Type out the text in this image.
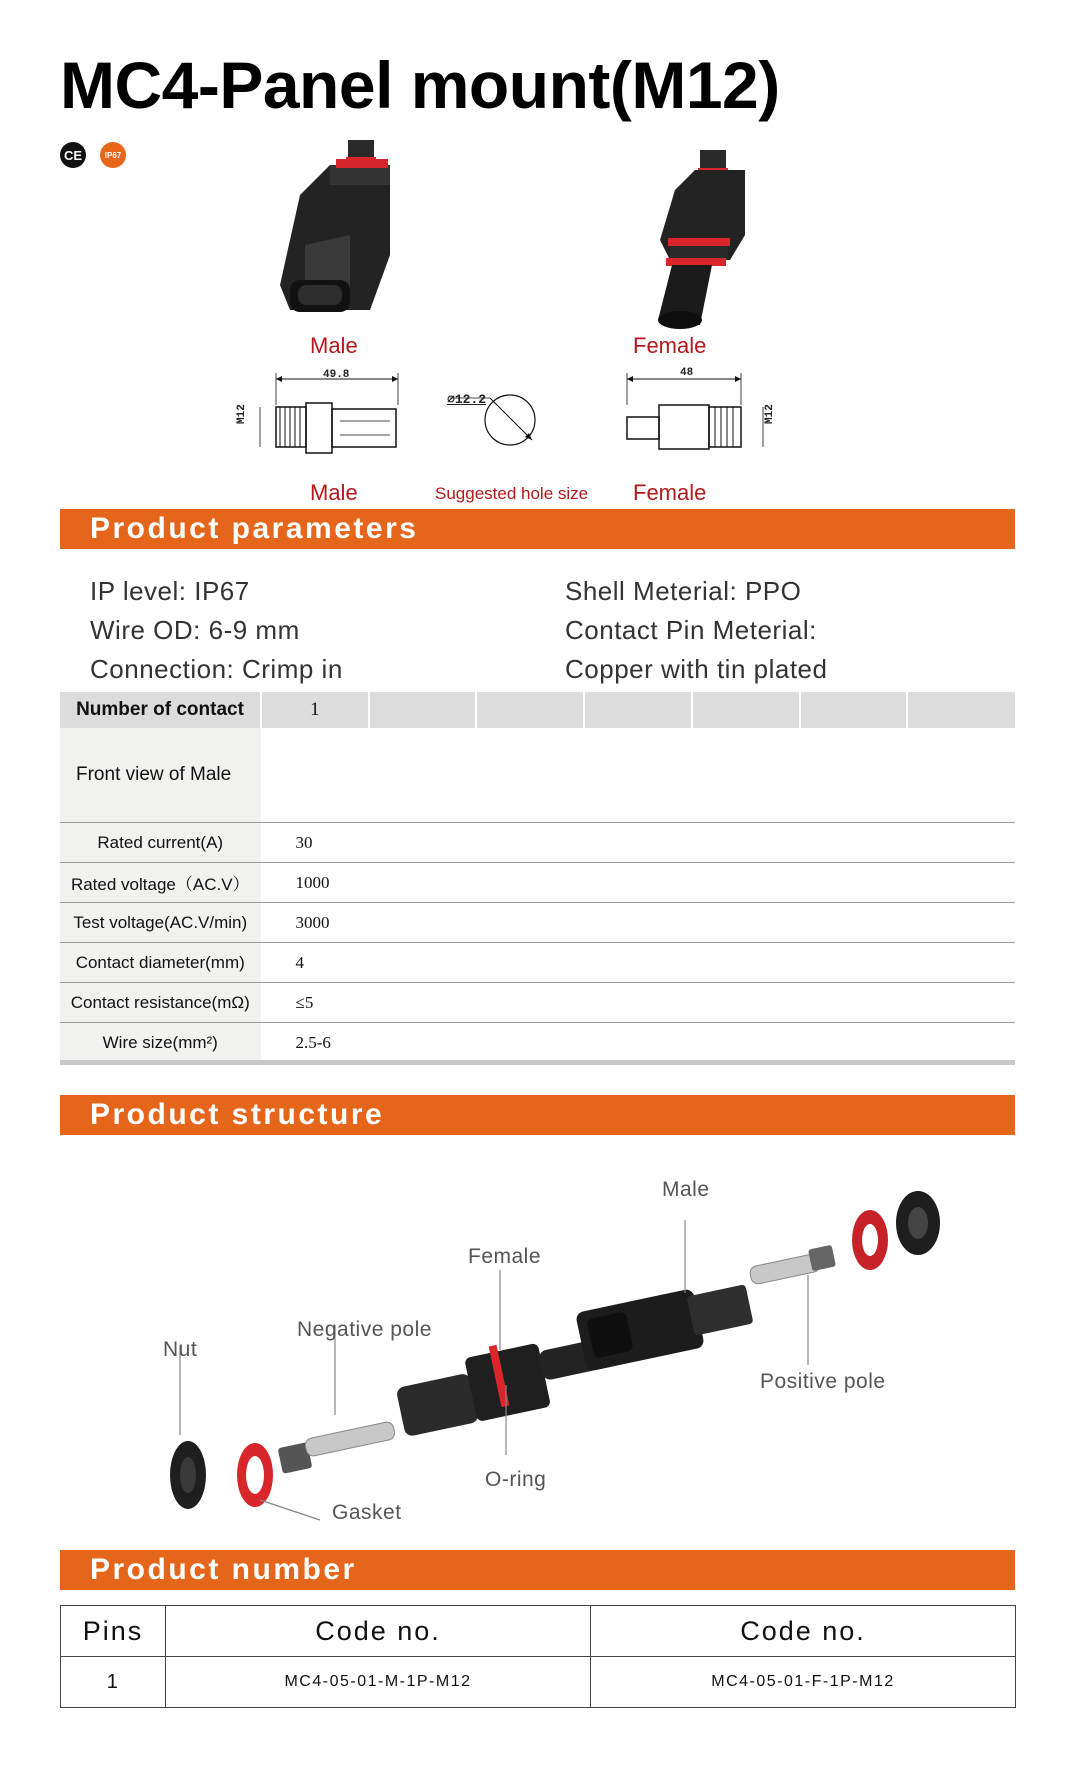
MC4-Panel mount(M12)
CE	IP67
Male	Female
49.8
M12
⌀12.2
48
M12
Male	Suggested hole size Female
Product parameters
IP level: IP67
Wire OD: 6-9 mm
Connection: Crimp in
Shell Meterial: PPO
Contact Pin Meterial:
Copper with tin plated
Number of contact	1						
Front view of Male							
Rated current(A)	30						
Rated voltage（AC.V）	1000						
Test voltage(AC.V/min)	3000						
Contact diameter(mm)	4						
Contact resistance(mΩ)	≤5						
Wire size(mm²)	2.5-6						
Product structure
Male
Female
Negative pole
Nut
Positive pole
O-ring
Gasket
Product number
Pins	Code no.	Code no.
1	MC4-05-01-M-1P-M12	MC4-05-01-F-1P-M12
